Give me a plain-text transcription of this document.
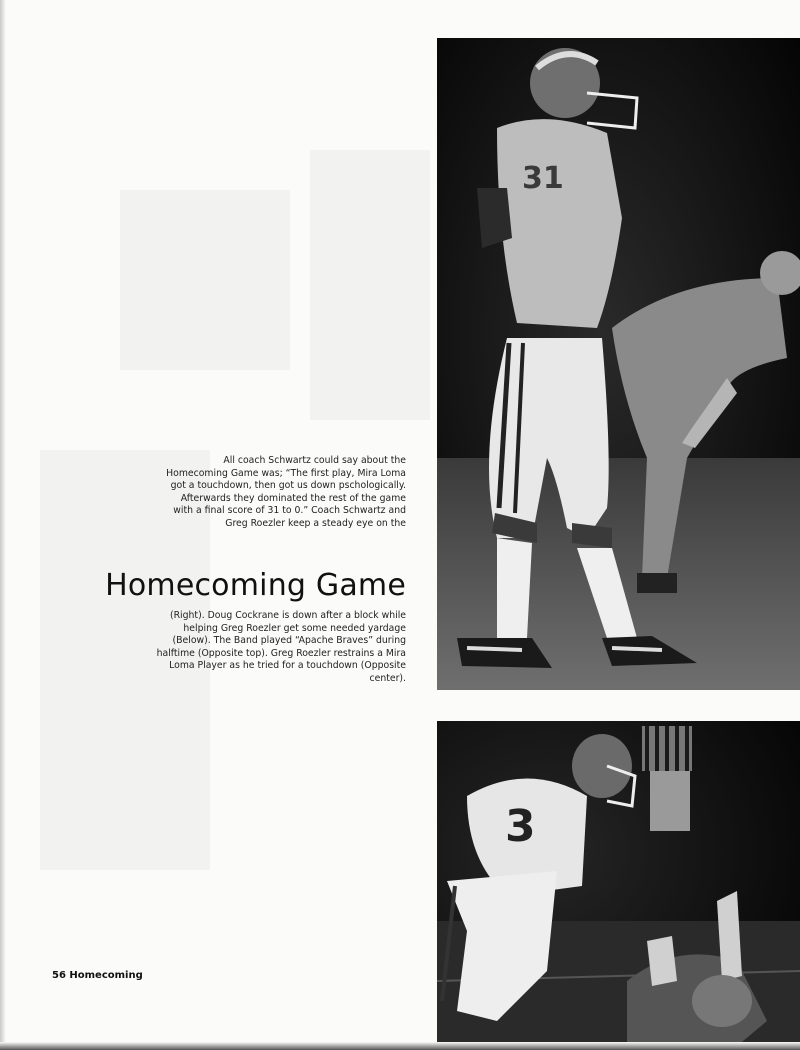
All coach Schwartz could say about the Homecoming Game was; “The first play, Mira Loma got a touchdown, then got us down pschologically. Afterwards they dominated the rest of the game with a final score of 31 to 0.” Coach Schwartz and Greg Roezler keep a steady eye on the
Homecoming Game
(Right). Doug Cockrane is down after a block while helping Greg Roezler get some needed yardage (Below). The Band played “Apache Braves” during halftime (Opposite top). Greg Roezler restrains a Mira Loma Player as he tried for a touchdown (Opposite center).
31
3
56 Homecoming
